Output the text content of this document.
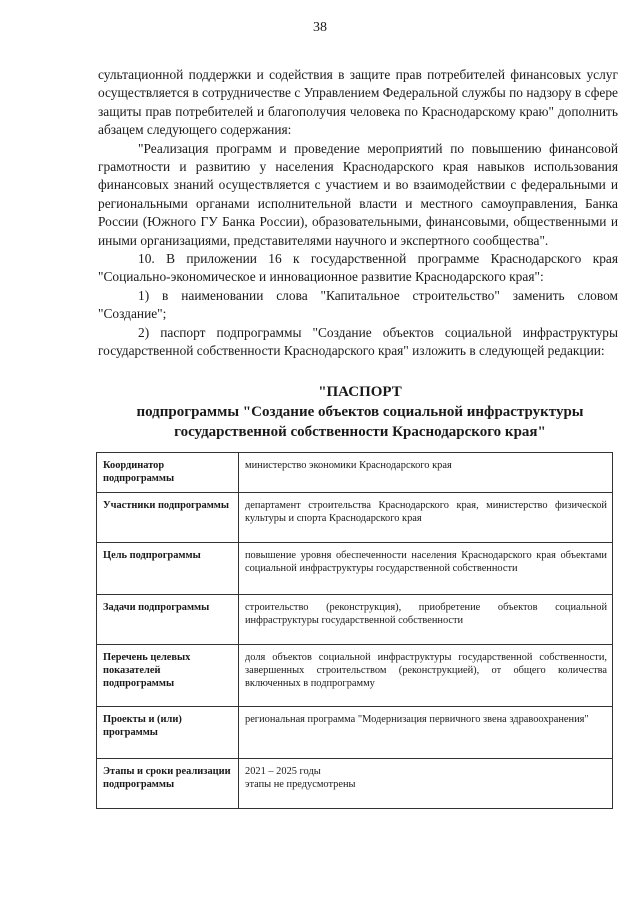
38

сультационной поддержки и содействия в защите прав потребителей финансовых услуг осуществляется в сотрудничестве с Управлением Федеральной службы по надзору в сфере защиты прав потребителей и благополучия человека по Краснодарскому краю" дополнить абзацем следующего содержания:

"Реализация программ и проведение мероприятий по повышению финансовой грамотности и развитию у населения Краснодарского края навыков использования финансовых знаний осуществляется с участием и во взаимодействии с федеральными и региональными органами исполнительной власти и местного самоуправления, Банка России (Южного ГУ Банка России), образовательными, финансовыми, общественными и иными организациями, представителями научного и экспертного сообщества".

10. В приложении 16 к государственной программе Краснодарского края "Социально-экономическое и инновационное развитие Краснодарского края":

1) в наименовании слова "Капитальное строительство" заменить словом "Создание";

2) паспорт подпрограммы "Создание объектов социальной инфраструктуры государственной собственности Краснодарского края" изложить в следующей редакции:

"ПАСПОРТ
подпрограммы "Создание объектов социальной инфраструктуры
государственной собственности Краснодарского края"
Координатор подпрограммы	министерство экономики Краснодарского края
Участники подпрограммы	департамент строительства Краснодарского края, министерство физической культуры и спорта Краснодарского края
Цель подпрограммы	повышение уровня обеспеченности населения Краснодарского края объектами социальной инфраструктуры государственной собственности
Задачи подпрограммы	строительство (реконструкция), приобретение объектов социальной инфраструктуры государственной собственности
Перечень целевых показателей подпрограммы	доля объектов социальной инфраструктуры государственной собственности, завершенных строительством (реконструкцией), от общего количества включенных в подпрограмму
Проекты и (или) программы	региональная программа "Модернизация первичного звена здравоохранения"
Этапы и сроки реализации подпрограммы	2021 – 2025 годы
этапы не предусмотрены
